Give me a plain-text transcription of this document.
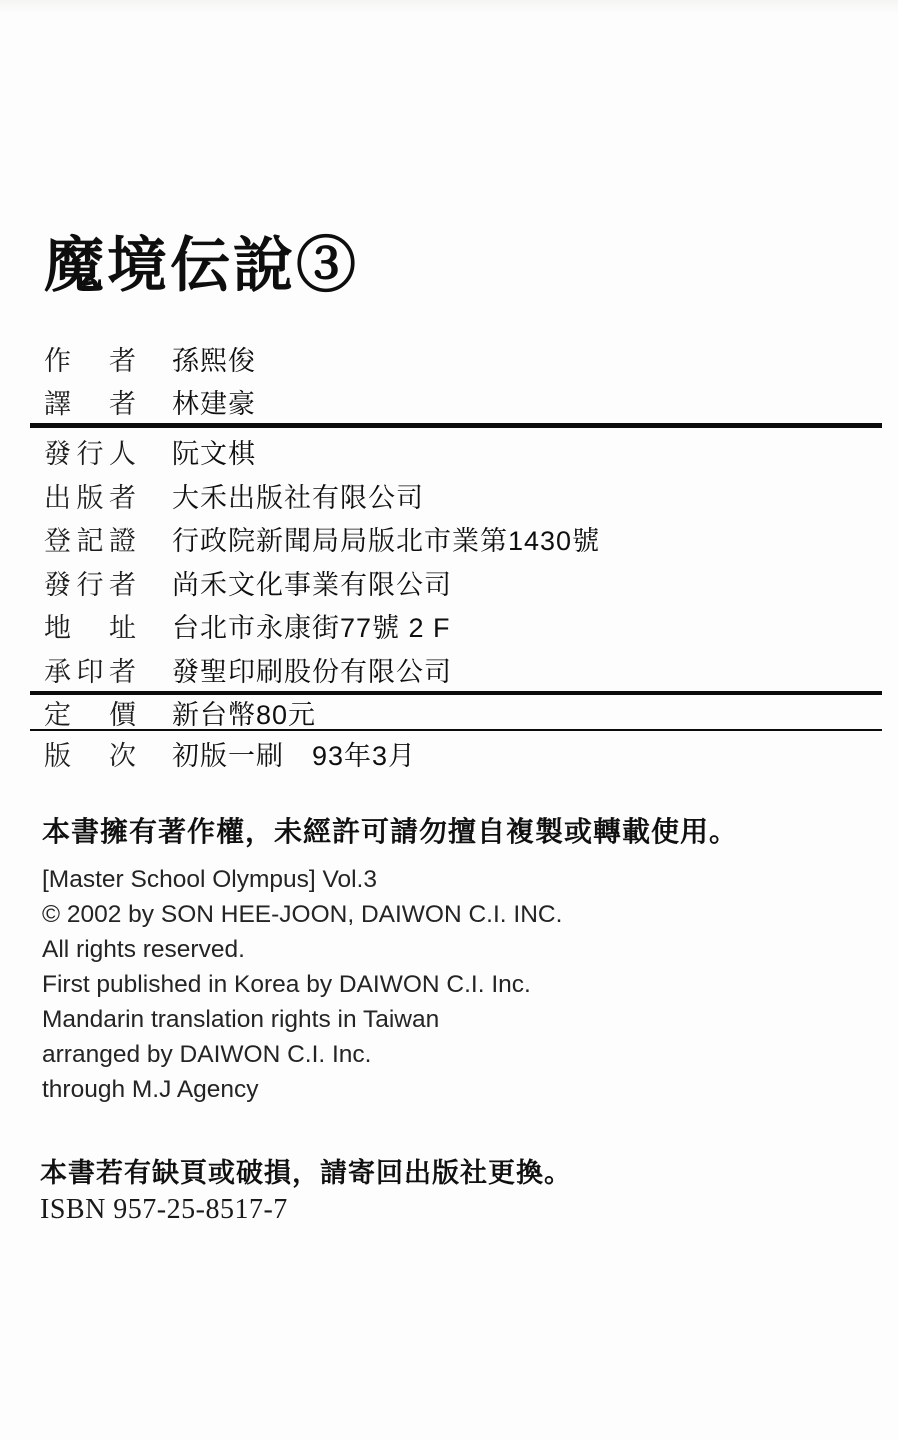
魔境伝說③
作者 孫熙俊
譯者 林建豪
發行人 阮文棋
出版者 大禾出版社有限公司
登記證 行政院新聞局局版北市業第1430號
發行者 尚禾文化事業有限公司
地址 台北市永康街77號 2 F
承印者 發聖印刷股份有限公司
定價 新台幣80元
版次 初版一刷　93年3月
本書擁有著作權，未經許可請勿擅自複製或轉載使用。
[Master School Olympus] Vol.3
© 2002 by SON HEE-JOON, DAIWON C.I. INC.
All rights reserved.
First published in Korea by DAIWON C.I. Inc.
Mandarin translation rights in Taiwan
arranged by DAIWON C.I. Inc.
through M.J Agency
本書若有缺頁或破損，請寄回出版社更換。
ISBN 957-25-8517-7
